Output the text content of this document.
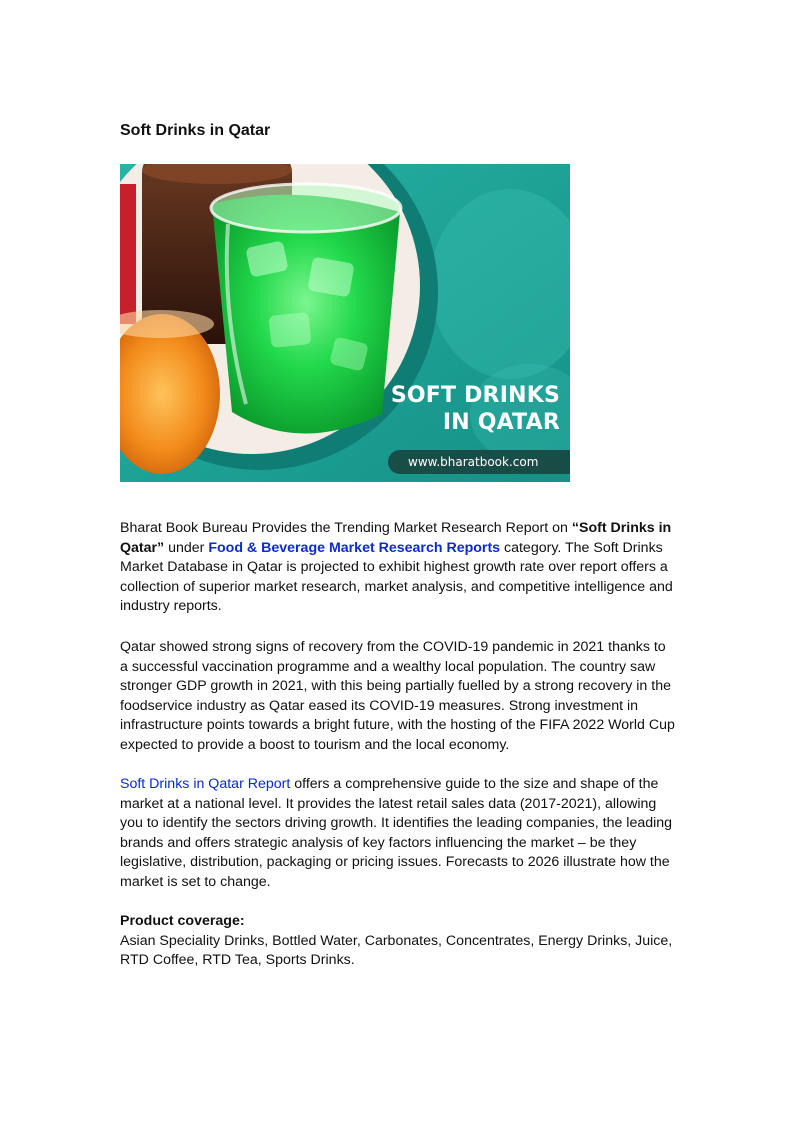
Soft Drinks in Qatar
SOFT DRINKS
IN QATAR
www.bharatbook.com

Bharat Book Bureau Provides the Trending Market Research Report on “Soft Drinks in Qatar” under Food & Beverage Market Research Reports category. The Soft Drinks Market Database in Qatar is projected to exhibit highest growth rate over report offers a collection of superior market research, market analysis, and competitive intelligence and industry reports.

Qatar showed strong signs of recovery from the COVID-19 pandemic in 2021 thanks to a successful vaccination programme and a wealthy local population. The country saw stronger GDP growth in 2021, with this being partially fuelled by a strong recovery in the foodservice industry as Qatar eased its COVID-19 measures. Strong investment in infrastructure points towards a bright future, with the hosting of the FIFA 2022 World Cup expected to provide a boost to tourism and the local economy.

Soft Drinks in Qatar Report offers a comprehensive guide to the size and shape of the market at a national level. It provides the latest retail sales data (2017-2021), allowing you to identify the sectors driving growth. It identifies the leading companies, the leading brands and offers strategic analysis of key factors influencing the market – be they legislative, distribution, packaging or pricing issues. Forecasts to 2026 illustrate how the market is set to change.

Product coverage:
Asian Speciality Drinks, Bottled Water, Carbonates, Concentrates, Energy Drinks, Juice, RTD Coffee, RTD Tea, Sports Drinks.
